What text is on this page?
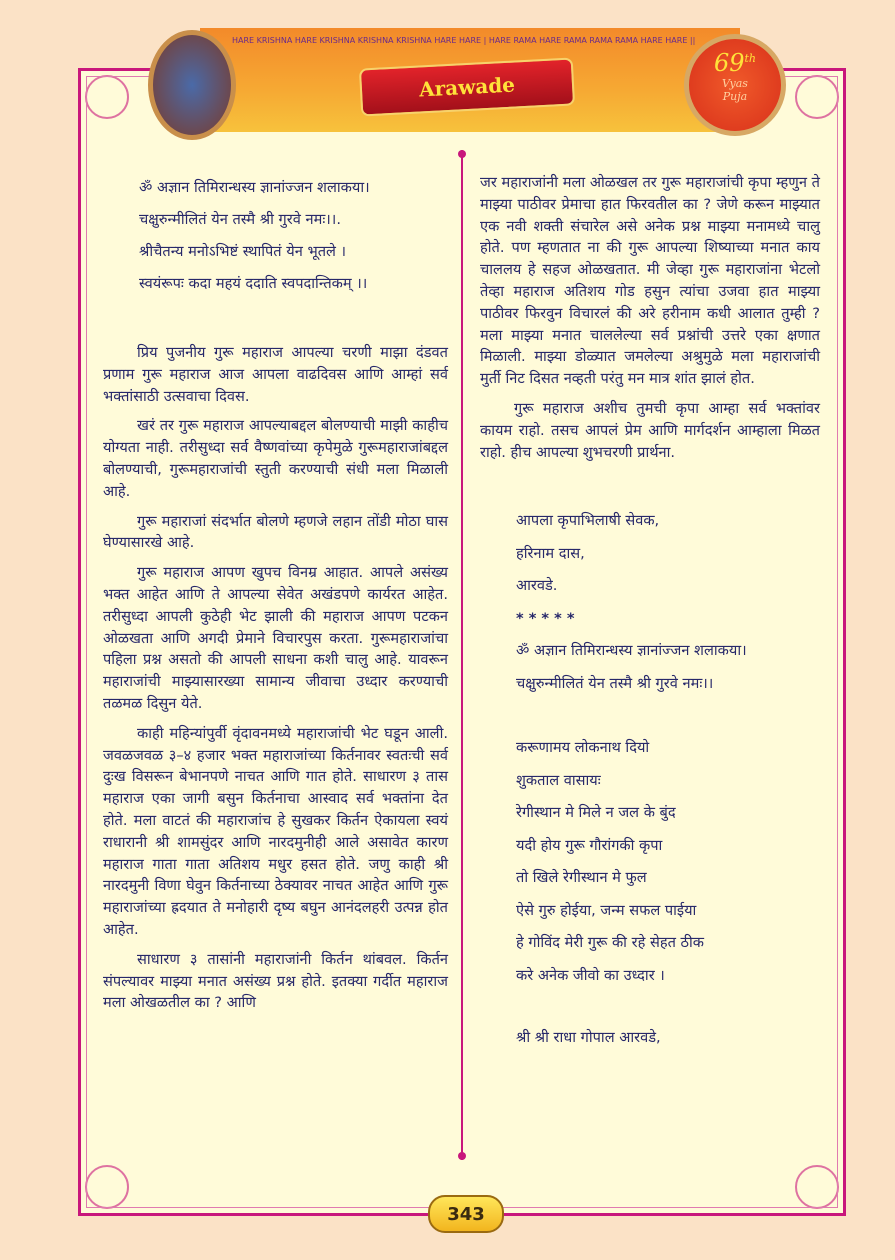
HARE KRISHNA HARE KRISHNA KRISHNA KRISHNA HARE HARE | HARE RAMA HARE RAMA RAMA RAMA HARE HARE ||
Arawade
69th
Vyas
Puja
ॐ अज्ञान तिमिरान्धस्य ज्ञानांज्जन शलाकया।
चक्षुरुन्मीलितं येन तस्मै श्री गुरवे नमः।।.
श्रीचैतन्य मनोऽभिष्टं स्थापितं येन भूतले ।
स्वयंरूपः कदा महयं ददाति स्वपदान्तिकम् ।।

प्रिय पुजनीय गुरू महाराज आपल्या चरणी माझा दंडवत प्रणाम गुरू महाराज आज आपला वाढदिवस आणि आम्हां सर्व भक्तांसाठी उत्सवाचा दिवस.

खरं तर गुरू महाराज आपल्याबद्दल बोलण्याची माझी काहीच योग्यता नाही. तरीसुध्दा सर्व वैष्णवांच्या कृपेमुळे गुरूमहाराजांबद्दल बोलण्याची, गुरूमहाराजांची स्तुती करण्याची संधी मला मिळाली आहे.

गुरू महाराजां संदर्भात बोलणे म्हणजे लहान तोंडी मोठा घास घेण्यासारखे आहे.

गुरू महाराज आपण खुपच विनम्र आहात. आपले असंख्य भक्त आहेत आणि ते आपल्या सेवेत अखंडपणे कार्यरत आहेत. तरीसुध्दा आपली कुठेही भेट झाली की महाराज आपण पटकन ओळखता आणि अगदी प्रेमाने विचारपुस करता. गुरूमहाराजांचा पहिला प्रश्न असतो की आपली साधना कशी चालु आहे. यावरून महाराजांची माझ्यासारख्या सामान्य जीवाचा उध्दार करण्याची तळमळ दिसुन येते.

काही महिन्यांपुर्वी वृंदावनमध्ये महाराजांची भेट घडून आली. जवळजवळ ३–४ हजार भक्त महाराजांच्या किर्तनावर स्वतःची सर्व दुःख विसरून बेभानपणे नाचत आणि गात होते. साधारण ३ तास महाराज एका जागी बसुन किर्तनाचा आस्वाद सर्व भक्तांना देत होते. मला वाटतं की महाराजांच हे सुखकर किर्तन ऐकायला स्वयं राधारानी श्री शामसुंदर आणि नारदमुनीही आले असावेत कारण महाराज गाता गाता अतिशय मधुर हसत होते. जणु काही श्री नारदमुनी विणा घेवुन किर्तनाच्या ठेक्यावर नाचत आहेत आणि गुरू महाराजांच्या ह्रदयात ते मनोहारी दृष्य बघुन आनंदलहरी उत्पन्न होत आहेत.

साधारण ३ तासांनी महाराजांनी किर्तन थांबवल. किर्तन संपल्यावर माझ्या मनात असंख्य प्रश्न होते. इतक्या गर्दीत महाराज मला ओखळतील का ? आणि

जर महाराजांनी मला ओळखल तर गुरू महाराजांची कृपा म्हणुन ते माझ्या पाठीवर प्रेमाचा हात फिरवतील का ? जेणे करून माझ्यात एक नवी शक्ती संचारेल असे अनेक प्रश्न माझ्या मनामध्ये चालु होते. पण म्हणतात ना की गुरू आपल्या शिष्याच्या मनात काय चाललय हे सहज ओळखतात. मी जेव्हा गुरू महाराजांना भेटलो तेव्हा महाराज अतिशय गोड हसुन त्यांचा उजवा हात माझ्या पाठीवर फिरवुन विचारलं की अरे हरीनाम कधी आलात तुम्ही ? मला माझ्या मनात चाललेल्या सर्व प्रश्नांची उत्तरे एका क्षणात मिळाली. माझ्या डोळ्यात जमलेल्या अश्रुमुळे मला महाराजांची मुर्ती निट दिसत नव्हती परंतु मन मात्र शांत झालं होत.

गुरू महाराज अशीच तुमची कृपा आम्हा सर्व भक्तांवर कायम राहो. तसच आपलं प्रेम आणि मार्गदर्शन आम्हाला मिळत राहो. हीच आपल्या शुभचरणी प्रार्थना.

आपला कृपाभिलाषी सेवक,
हरिनाम दास,
आरवडे.
* * * * *
ॐ अज्ञान तिमिरान्धस्य ज्ञानांज्जन शलाकया।
चक्षुरुन्मीलितं येन तस्मै श्री गुरवे नमः।।
करूणामय लोकनाथ दियो
शुकताल वासायः
रेगीस्थान मे मिले न जल के बुंद
यदी होय गुरू गौरांगकी कृपा
तो खिले रेगीस्थान मे फुल
ऐसे गुरु होईया, जन्म सफल पाईया
हे गोविंद मेरी गुरू की रहे सेहत ठीक
करे अनेक जीवो का उध्दार ।
श्री श्री राधा गोपाल आरवडे,
343
